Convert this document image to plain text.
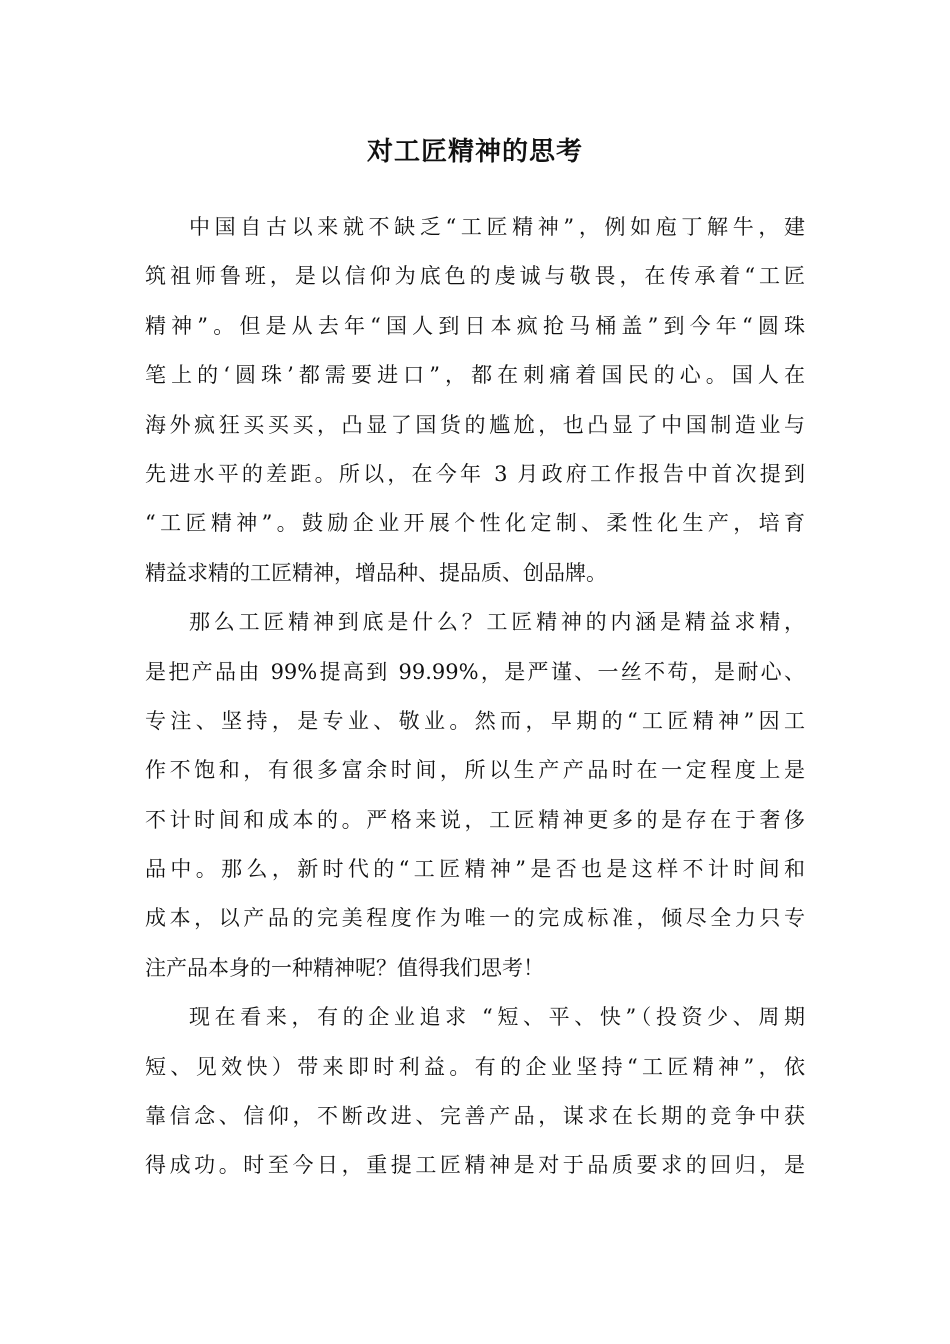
对工匠精神的思考
中国自古以来就不缺乏“工匠精神”，例如庖丁解牛，建
筑祖师鲁班，是以信仰为底色的虔诚与敬畏，在传承着“工匠
精神”。但是从去年“国人到日本疯抢马桶盖”到今年“圆珠
笔上的‘圆珠’都需要进口”，都在刺痛着国民的心。国人在
海外疯狂买买买，凸显了国货的尴尬，也凸显了中国制造业与
先进水平的差距。所以，在今年 3 月政府工作报告中首次提到
“工匠精神”。鼓励企业开展个性化定制、柔性化生产，培育
精益求精的工匠精神，增品种、提品质、创品牌。
那么工匠精神到底是什么？工匠精神的内涵是精益求精，
是把产品由 99%提高到 99.99%，是严谨、一丝不苟，是耐心、
专注、坚持，是专业、敬业。然而，早期的“工匠精神”因工
作不饱和，有很多富余时间，所以生产产品时在一定程度上是
不计时间和成本的。严格来说，工匠精神更多的是存在于奢侈
品中。那么，新时代的“工匠精神”是否也是这样不计时间和
成本，以产品的完美程度作为唯一的完成标准，倾尽全力只专
注产品本身的一种精神呢？值得我们思考！
现在看来，有的企业追求 “短、平、快”（投资少、周期
短、见效快）带来即时利益。有的企业坚持“工匠精神”，依
靠信念、信仰，不断改进、完善产品，谋求在长期的竞争中获
得成功。时至今日，重提工匠精神是对于品质要求的回归，是
